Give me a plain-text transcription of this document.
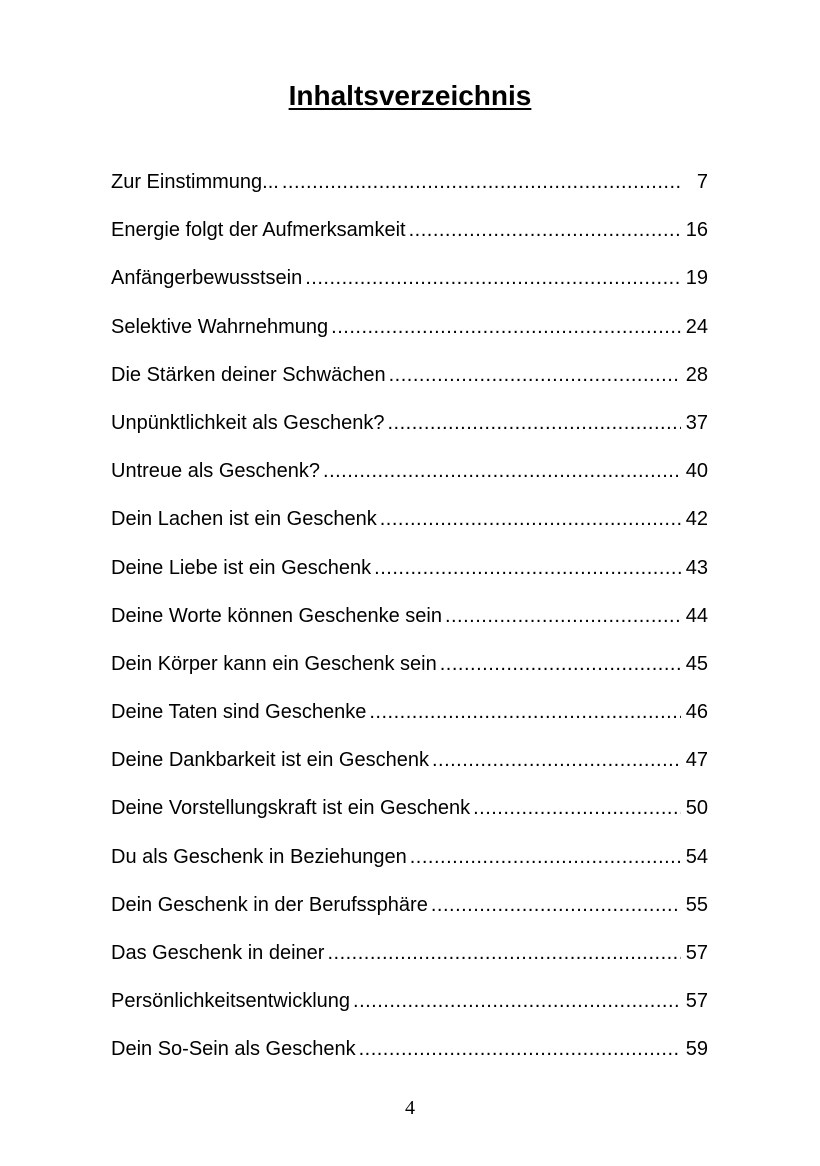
Inhaltsverzeichnis
Zur Einstimmung... .....	7
Energie folgt der Aufmerksamkeit .....	16
Anfängerbewusstsein .....	19
Selektive Wahrnehmung .....	24
Die Stärken deiner Schwächen .....	28
Unpünktlichkeit als Geschenk? .....	37
Untreue als Geschenk? .....	40
Dein Lachen ist ein Geschenk .....	42
Deine Liebe ist ein Geschenk .....	43
Deine Worte können Geschenke sein .....	44
Dein Körper kann ein Geschenk sein .....	45
Deine Taten sind Geschenke .....	46
Deine Dankbarkeit ist ein Geschenk .....	47
Deine Vorstellungskraft ist ein Geschenk .....	50
Du als Geschenk in Beziehungen .....	54
Dein Geschenk in der Berufssphäre .....	55
Das Geschenk in deiner .....	57
Persönlichkeitsentwicklung .....	57
Dein So-Sein als Geschenk .....	59

4
